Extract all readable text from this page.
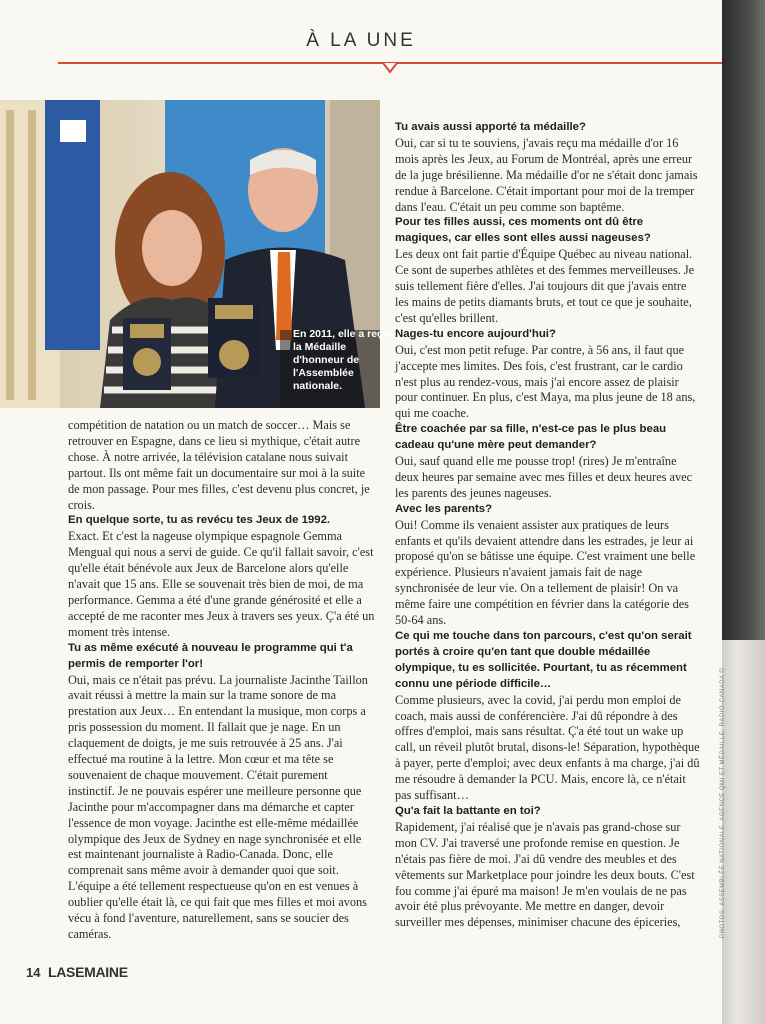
À LA UNE
En 2011, elle a reçu la Médaille d'honneur de l'Assemblée nationale.

compétition de natation ou un match de soccer… Mais se retrouver en Espagne, dans ce lieu si mythique, c'était autre chose. À notre arrivée, la télévision catalane nous suivait partout. Ils ont même fait un documentaire sur moi à la suite de mon passage. Pour mes filles, c'est devenu plus concret, je crois.

En quelque sorte, tu as revécu tes Jeux de 1992.

Exact. Et c'est la nageuse olympique espagnole Gemma Mengual qui nous a servi de guide. Ce qu'il fallait savoir, c'est qu'elle était bénévole aux Jeux de Barcelone alors qu'elle n'avait que 15 ans. Elle se souvenait très bien de moi, de ma performance. Gemma a été d'une grande générosité et elle a accepté de me raconter mes Jeux à travers ses yeux. Ç'a été un moment très intense.

Tu as même exécuté à nouveau le programme qui t'a permis de remporter l'or!

Oui, mais ce n'était pas prévu. La journaliste Jacinthe Taillon avait réussi à mettre la main sur la trame sonore de ma prestation aux Jeux… En entendant la musique, mon corps a pris possession du moment. Il fallait que je nage. En un claquement de doigts, je me suis retrouvée à 25 ans. J'ai effectué ma routine à la lettre. Mon cœur et ma tête se souvenaient de chaque mouvement. C'était purement instinctif. Je ne pouvais espérer une meilleure personne que Jacinthe pour m'accompagner dans ma démarche et capter l'essence de mon voyage. Jacinthe est elle-même médaillée olympique des Jeux de Sydney en nage synchronisée et elle est maintenant journaliste à Radio-Canada. Donc, elle comprenait sans même avoir à demander quoi que soit. L'équipe a été tellement respectueuse qu'on en est venues à oublier qu'elle était là, ce qui fait que mes filles et moi avons vécu à fond l'aventure, naturellement, sans se soucier des caméras.

Tu avais aussi apporté ta médaille?

Oui, car si tu te souviens, j'avais reçu ma médaille d'or 16 mois après les Jeux, au Forum de Montréal, après une erreur de la juge brésilienne. Ma médaille d'or ne s'était donc jamais rendue à Barcelone. C'était important pour moi de la tremper dans l'eau. C'était un peu comme son baptême.

Pour tes filles aussi, ces moments ont dû être magiques, car elles sont elles aussi nageuses?

Les deux ont fait partie d'Équipe Québec au niveau national. Ce sont de superbes athlètes et des femmes merveilleuses. Je suis tellement fière d'elles. J'ai toujours dit que j'avais entre les mains de petits diamants bruts, et tout ce que je souhaite, c'est qu'elles brillent.

Nages-tu encore aujourd'hui?

Oui, c'est mon petit refuge. Par contre, à 56 ans, il faut que j'accepte mes limites. Des fois, c'est frustrant, car le cardio n'est plus au rendez-vous, mais j'ai encore assez de plaisir pour continuer. En plus, c'est Maya, ma plus jeune de 18 ans, qui me coache.

Être coachée par sa fille, n'est-ce pas le plus beau cadeau qu'une mère peut demander?

Oui, sauf quand elle me pousse trop! (rires) Je m'entraîne deux heures par semaine avec mes filles et deux heures avec les parents des jeunes nageuses.

Avec les parents?

Oui! Comme ils venaient assister aux pratiques de leurs enfants et qu'ils devaient attendre dans les estrades, je leur ai proposé qu'on se bâtisse une équipe. C'est vraiment une belle expérience. Plusieurs n'avaient jamais fait de nage synchronisée de leur vie. On a tellement de plaisir! On va même faire une compétition en février dans la catégorie des 50-64 ans.

Ce qui me touche dans ton parcours, c'est qu'on serait portés à croire qu'en tant que double médaillée olympique, tu es sollicitée. Pourtant, tu as récemment connu une période difficile…

Comme plusieurs, avec la covid, j'ai perdu mon emploi de coach, mais aussi de conférencière. J'ai dû répondre à des offres d'emploi, mais sans résultat. Ç'a été tout un wake up call, un réveil plutôt brutal, disons-le! Séparation, hypothèque à payer, perte d'emploi; avec deux enfants à ma charge, j'ai dû me résoudre à demander la PCU. Mais, encore là, ce n'était pas suffisant…

Qu'a fait la battante en toi?

Rapidement, j'ai réalisé que je n'avais pas grand-chose sur mon CV. J'ai traversé une profonde remise en question. Je n'étais pas fière de moi. J'ai dû vendre des meubles et des vêtements sur Marketplace pour joindre les deux bouts. C'est fou comme j'ai épuré ma maison! Je m'en voulais de ne pas avoir été plus prévoyante. Me mettre en danger, devoir surveiller mes dépenses, minimiser chacune des épiceries,

14 LASEMAINE
PHOTOS: ASSEMBLÉE NATIONALE, AGENCE QMI ET MÉDAILLE: RADIO-CANADA ©
